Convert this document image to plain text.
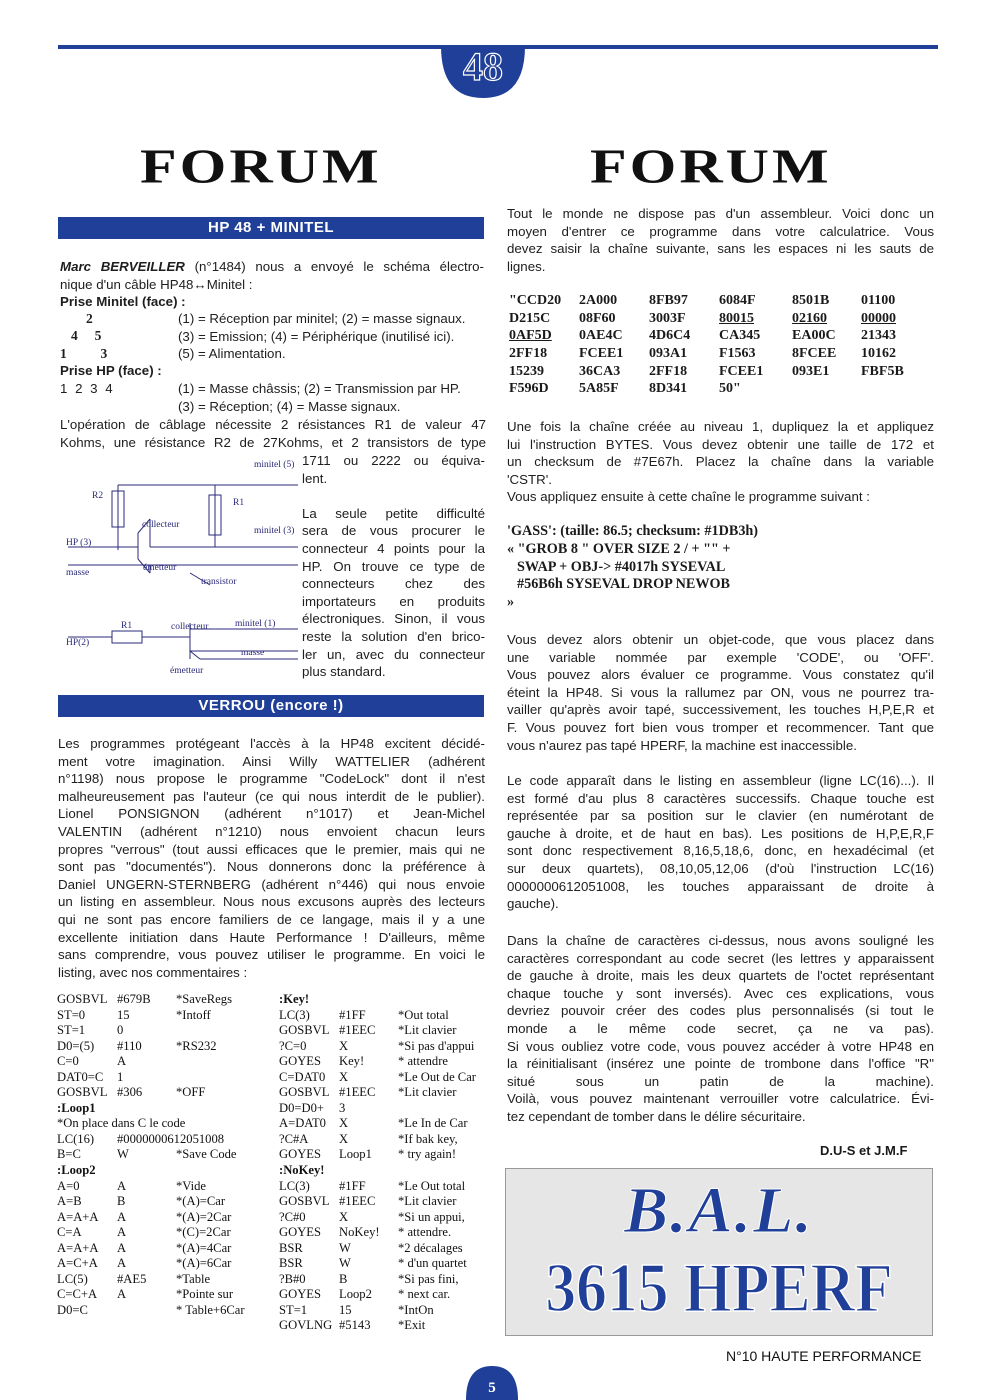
48
FORUM	FORUM
HP 48 + MINITEL
Marc BERVEILLER (n°1484) nous a envoyé le schéma électro-
nique d'un câble HP48↔Minitel :
Prise Minitel (face) :
2
4     5
1          3
(1) = Réception par minitel; (2) = masse signaux.
(3) = Emission; (4) = Périphérique (inutilisé ici).
(5) = Alimentation.
Prise HP (face) :
1 2 3 4	(1) = Masse châssis; (2) = Transmission par HP.
(3) = Réception; (4) = Masse signaux.
L'opération de câblage nécessite 2 résistances R1 de valeur 47
Kohms, une résistance R2 de 27Kohms, et 2 transistors de type
1711 ou 2222 ou équiva-
lent.

La seule petite difficulté
sera de vous procurer le
connecteur 4 points pour la
HP. On trouve ce type de
connecteurs chez des
importateurs en produits
électroniques. Sinon, il vous
reste la solution d'en brico-
ler un, avec du connecteur
plus standard.
minitel (5)
R2
R1
collecteur
minitel (3)
HP (3)
masse	émetteur
transistor
R1	collecteur	minitel (1)
HP(2)
masse
émetteur
VERROU (encore !)
Les programmes protégeant l'accès à la HP48 excitent décidé-
ment votre imagination. Ainsi Willy WATTELIER (adhérent
n°1198) nous propose le programme "CodeLock" dont il n'est
malheureusement pas l'auteur (ce qui nous interdit de le publier).
Lionel PONSIGNON (adhérent n°1017) et Jean-Michel
VALENTIN (adhérent n°1210) nous envoient chacun leurs
propres "verrous" (tout aussi efficaces que le premier, mais qui ne
sont pas "documentés"). Nous donnerons donc la préférence à
Daniel UNGERN-STERNBERG (adhérent n°446) qui nous envoie
un listing en assembleur. Nous nous excusons auprès des lecteurs
qui ne sont pas encore familiers de ce langage, mais il y a une
excellente initiation dans Haute Performance ! D'ailleurs, même
sans comprendre, vous pouvez utiliser le programme. En voici le
listing, avec nos commentaires :
GOSBVL #679B *SaveRegs
ST=0	15	*Intoff
ST=1	0
D0=(5) #110	*RS232
C=0	A
DAT0=C 1
GOSBVL #306	*OFF
:Loop1
*On place dans C le code
LC(16) #0000000612051008
B=C	W	*Save Code
:Loop2
A=0	A	*Vide
A=B	B	*(A)=Car
A=A+A A	*(A)=2Car
C=A	A	*(C)=2Car
A=A+A A	*(A)=4Car
A=C+A A	*(A)=6Car
LC(5) #AE5 *Table
C=C+A A	*Pointe sur
D0=C	* Table+6Car
:Key!
LC(3) #1FF	*Out total
GOSBVL #1EEC *Lit clavier
?C=0	X	*Si pas d'appui
GOYES Key!	* attendre
C=DAT0 X	*Le Out de Car
GOSBVL #1EEC *Lit clavier
D0=D0+ 3
A=DAT0 X	*Le In de Car
?C#A X	*If bak key,
GOYES Loop1 * try again!
:NoKey!
LC(3) #1FF	*Le Out total
GOSBVL #1EEC *Lit clavier
?C#0	X	*Si un appui,
GOYES NoKey! * attendre.
BSR	W	*2 décalages
BSR	W	* d'un quartet
?B#0	B	*Si pas fini,
GOYES Loop2 * next car.
ST=1	15	*IntOn
GOVLNG #5143 *Exit
Tout le monde ne dispose pas d'un assembleur. Voici donc un
moyen d'entrer ce programme dans votre calculatrice. Vous
devez saisir la chaîne suivante, sans les espaces ni les sauts de
lignes.
"CCD20 2A000 8FB97 6084F	8501B 01100
D215C 08F60 3003F 80015	02160 00000
0AF5D 0AE4C 4D6C4 CA345 EA00C 21343
2FF18 FCEE1 093A1 F1563	8FCEE 10162
15239	36CA3 2FF18 FCEE1 093E1 FBF5B
F596D 5A85F 8D341 50"
Une fois la chaîne créée au niveau 1, dupliquez la et appliquez
lui l'instruction BYTES. Vous devez obtenir une taille de 172 et
un checksum de #7E67h. Placez la chaîne dans la variable
'CSTR'.
Vous appliquez ensuite à cette chaîne le programme suivant :
'GASS': (taille: 86.5; checksum: #1DB3h)
« "GROB 8 " OVER SIZE 2 / + "" +
SWAP + OBJ-> #4017h SYSEVAL
#56B6h SYSEVAL DROP NEWOB
»
Vous devez alors obtenir un objet-code, que vous placez dans
une variable nommée par exemple 'CODE', ou 'OFF'.
Vous pouvez alors évaluer ce programme. Vous constatez qu'il
éteint la HP48. Si vous la rallumez par ON, vous ne pourrez tra-
vailler qu'après avoir tapé, successivement, les touches H,P,E,R et
F. Vous pouvez fort bien vous tromper et recommencer. Tant que
vous n'aurez pas tapé HPERF, la machine est inaccessible.
Le code apparaît dans le listing en assembleur (ligne LC(16)...). Il
est formé d'au plus 8 caractères successifs. Chaque touche est
représentée par sa position sur le clavier (en numérotant de
gauche à droite, et de haut en bas). Les positions de H,P,E,R,F
sont donc respectivement 8,16,5,18,6, donc, en hexadécimal (et
sur deux quartets), 08,10,05,12,06 (d'où l'instruction LC(16)
0000000612051008, les touches apparaissant de droite à
gauche).
Dans la chaîne de caractères ci-dessus, nous avons souligné les
caractères correspondant au code secret (les lettres y apparaissent
de gauche à droite, mais les deux quartets de l'octet représentant
chaque touche y sont inversés). Avec ces explications, vous
devriez pouvoir créer des codes plus personnalisés (si tout le
monde a le même code secret, ça ne va pas).
Si vous oubliez votre code, vous pouvez accéder à votre HP48 en
la réinitialisant (insérez une pointe de trombone dans l'office "R"
situé sous un patin de la machine).
Voilà, vous pouvez maintenant verrouiller votre calculatrice. Évi-
tez cependant de tomber dans le délire sécuritaire.
D.U-S et J.M.F
B.A.L.
3615 HPERF
N°10 HAUTE PERFORMANCE
5
